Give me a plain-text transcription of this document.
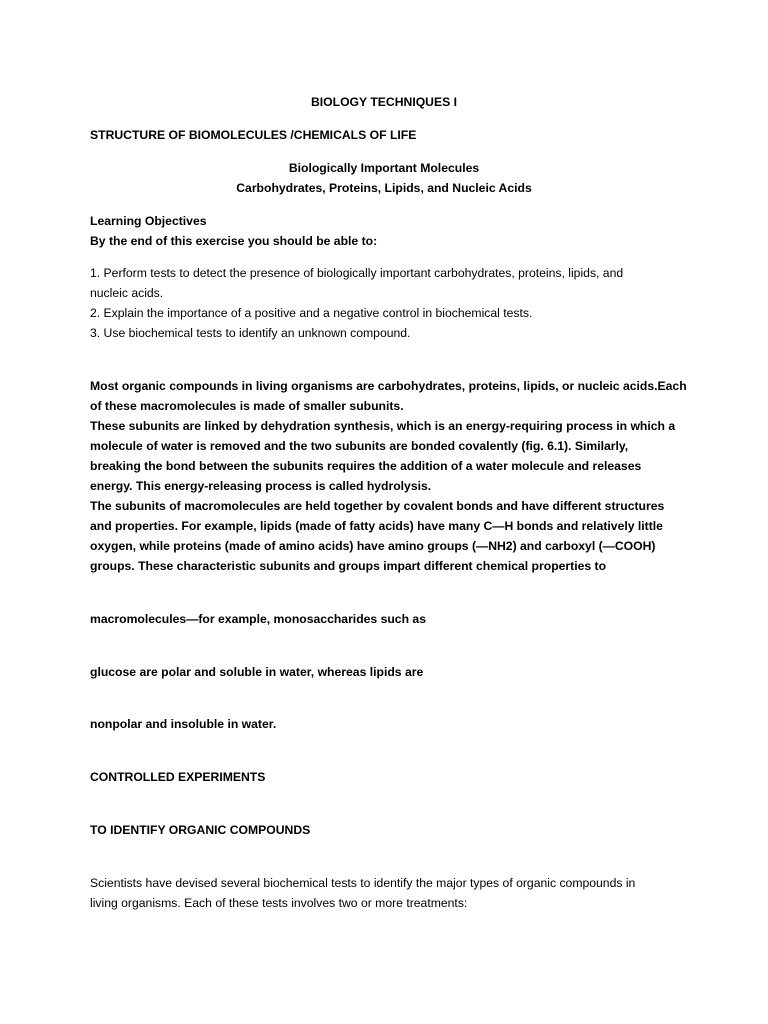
BIOLOGY TECHNIQUES I
STRUCTURE OF BIOMOLECULES /CHEMICALS OF LIFE
Biologically Important Molecules
Carbohydrates, Proteins, Lipids, and Nucleic Acids
Learning Objectives
By the end of this exercise you should be able to:
1. Perform tests to detect the presence of biologically important carbohydrates, proteins, lipids, and
nucleic acids.
2. Explain the importance of a positive and a negative control in biochemical tests.
3. Use biochemical tests to identify an unknown compound.
Most organic compounds in living organisms are carbohydrates, proteins, lipids, or nucleic acids.Each
of these macromolecules is made of smaller subunits.
These subunits are linked by dehydration synthesis, which is an energy-requiring process in which a
molecule of water is removed and the two subunits are bonded covalently (fig. 6.1). Similarly,
breaking the bond between the subunits requires the addition of a water molecule and releases
energy. This energy-releasing process is called hydrolysis.
The subunits of macromolecules are held together by covalent bonds and have different structures
and properties. For example, lipids (made of fatty acids) have many C—H bonds and relatively little
oxygen, while proteins (made of amino acids) have amino groups (—NH2) and carboxyl (—COOH)
groups. These characteristic subunits and groups impart different chemical properties to
macromolecules—for example, monosaccharides such as
glucose are polar and soluble in water, whereas lipids are
nonpolar and insoluble in water.
CONTROLLED EXPERIMENTS
TO IDENTIFY ORGANIC COMPOUNDS
Scientists have devised several biochemical tests to identify the major types of organic compounds in
living organisms. Each of these tests involves two or more treatments:
